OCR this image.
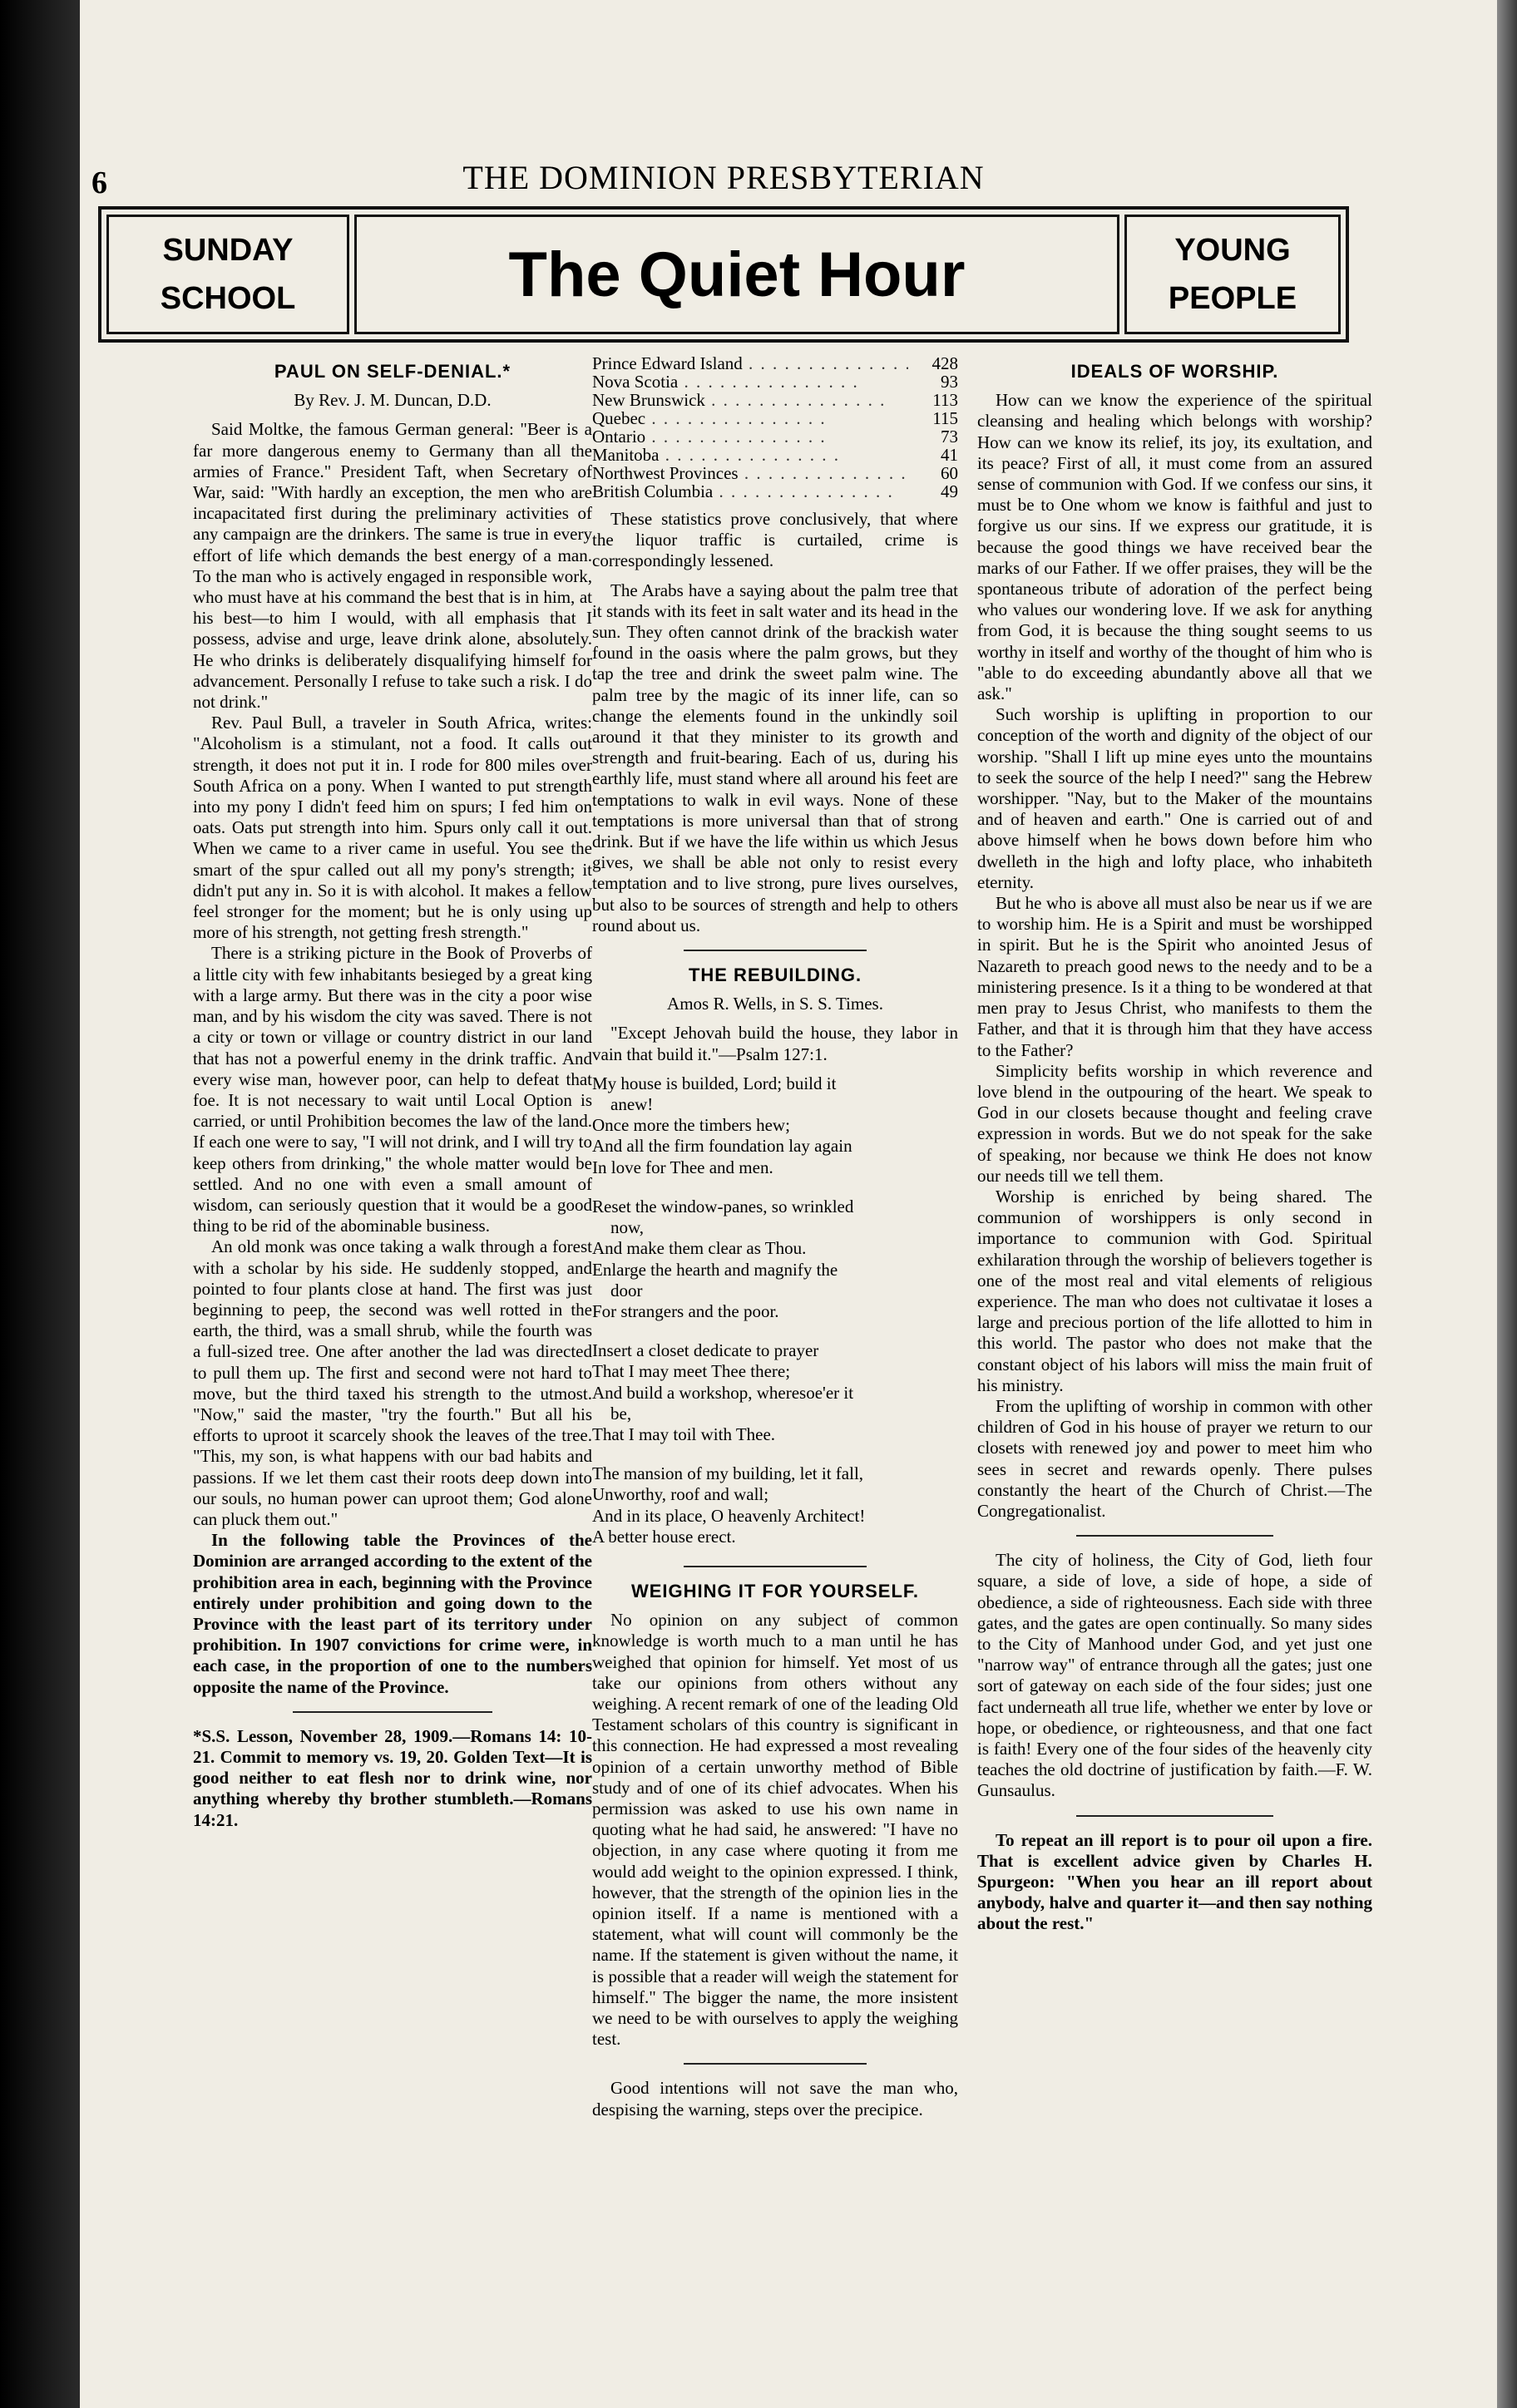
6	THE DOMINION PRESBYTERIAN
SUNDAY
SCHOOL	The Quiet Hour	YOUNG
PEOPLE
PAUL ON SELF-DENIAL.*
By Rev. J. M. Duncan, D.D.

Said Moltke, the famous German general: "Beer is a far more dangerous enemy to Germany than all the armies of France." President Taft, when Secretary of War, said: "With hardly an exception, the men who are incapacitated first during the preliminary activities of any campaign are the drinkers. The same is true in every effort of life which demands the best energy of a man. To the man who is actively engaged in responsible work, who must have at his command the best that is in him, at his best—to him I would, with all emphasis that I possess, advise and urge, leave drink alone, absolutely. He who drinks is deliberately disqualifying himself for advancement. Personally I refuse to take such a risk. I do not drink."

Rev. Paul Bull, a traveler in South Africa, writes: "Alcoholism is a stimulant, not a food. It calls out strength, it does not put it in. I rode for 800 miles over South Africa on a pony. When I wanted to put strength into my pony I didn't feed him on spurs; I fed him on oats. Oats put strength into him. Spurs only call it out. When we came to a river came in useful. You see the smart of the spur called out all my pony's strength; it didn't put any in. So it is with alcohol. It makes a fellow feel stronger for the moment; but he is only using up more of his strength, not getting fresh strength."

There is a striking picture in the Book of Proverbs of a little city with few inhabitants besieged by a great king with a large army. But there was in the city a poor wise man, and by his wisdom the city was saved. There is not a city or town or village or country district in our land that has not a powerful enemy in the drink traffic. And every wise man, however poor, can help to defeat that foe. It is not necessary to wait until Local Option is carried, or until Prohibition becomes the law of the land. If each one were to say, "I will not drink, and I will try to keep others from drinking," the whole matter would be settled. And no one with even a small amount of wisdom, can seriously question that it would be a good thing to be rid of the abominable business.

An old monk was once taking a walk through a forest with a scholar by his side. He suddenly stopped, and pointed to four plants close at hand. The first was just beginning to peep, the second was well rotted in the earth, the third, was a small shrub, while the fourth was a full-sized tree. One after another the lad was directed to pull them up. The first and second were not hard to move, but the third taxed his strength to the utmost. "Now," said the master, "try the fourth." But all his efforts to uproot it scarcely shook the leaves of the tree. "This, my son, is what happens with our bad habits and passions. If we let them cast their roots deep down into our souls, no human power can uproot them; God alone can pluck them out."

In the following table the Provinces of the Dominion are arranged according to the extent of the prohibition area in each, beginning with the Province entirely under prohibition and going down to the Province with the least part of its territory under prohibition. In 1907 convictions for crime were, in each case, in the proportion of one to the numbers opposite the name of the Province.

*S.S. Lesson, November 28, 1909.—Romans 14: 10-21. Commit to memory vs. 19, 20. Golden Text—It is good neither to eat flesh nor to drink wine, nor anything whereby thy brother stumbleth.—Romans 14:21.

Prince Edward Island . . .	428
Nova Scotia . . .	93
New Brunswick . . .	113
Quebec . . .	115
Ontario . . .	73
Manitoba . . .	41
Northwest Provinces . . .	60
British Columbia . . .	49

These statistics prove conclusively, that where the liquor traffic is curtailed, crime is correspondingly lessened.

The Arabs have a saying about the palm tree that it stands with its feet in salt water and its head in the sun. They often cannot drink of the brackish water found in the oasis where the palm grows, but they tap the tree and drink the sweet palm wine. The palm tree by the magic of its inner life, can so change the elements found in the unkindly soil around it that they minister to its growth and strength and fruit-bearing. Each of us, during his earthly life, must stand where all around his feet are temptations to walk in evil ways. None of these temptations is more universal than that of strong drink. But if we have the life within us which Jesus gives, we shall be able not only to resist every temptation and to live strong, pure lives ourselves, but also to be sources of strength and help to others round about us.

THE REBUILDING.
Amos R. Wells, in S. S. Times.

"Except Jehovah build the house, they labor in vain that build it."—Psalm 127:1.

My house is builded, Lord; build it

anew!

Once more the timbers hew;

And all the firm foundation lay again

In love for Thee and men.

Reset the window-panes, so wrinkled

now,

And make them clear as Thou.

Enlarge the hearth and magnify the

door

For strangers and the poor.

Insert a closet dedicate to prayer

That I may meet Thee there;

And build a workshop, wheresoe'er it

be,

That I may toil with Thee.

The mansion of my building, let it fall,

Unworthy, roof and wall;

And in its place, O heavenly Architect!

A better house erect.

WEIGHING IT FOR YOURSELF.

No opinion on any subject of common knowledge is worth much to a man until he has weighed that opinion for himself. Yet most of us take our opinions from others without any weighing. A recent remark of one of the leading Old Testament scholars of this country is significant in this connection. He had expressed a most revealing opinion of a certain unworthy method of Bible study and of one of its chief advocates. When his permission was asked to use his own name in quoting what he had said, he answered: "I have no objection, in any case where quoting it from me would add weight to the opinion expressed. I think, however, that the strength of the opinion lies in the opinion itself. If a name is mentioned with a statement, what will count will commonly be the name. If the statement is given without the name, it is possible that a reader will weigh the statement for himself." The bigger the name, the more insistent we need to be with ourselves to apply the weighing test.

Good intentions will not save the man who, despising the warning, steps over the precipice.

IDEALS OF WORSHIP.

How can we know the experience of the spiritual cleansing and healing which belongs with worship? How can we know its relief, its joy, its exultation, and its peace? First of all, it must come from an assured sense of communion with God. If we confess our sins, it must be to One whom we know is faithful and just to forgive us our sins. If we express our gratitude, it is because the good things we have received bear the marks of our Father. If we offer praises, they will be the spontaneous tribute of adoration of the perfect being who values our wondering love. If we ask for anything from God, it is because the thing sought seems to us worthy in itself and worthy of the thought of him who is "able to do exceeding abundantly above all that we ask."

Such worship is uplifting in proportion to our conception of the worth and dignity of the object of our worship. "Shall I lift up mine eyes unto the mountains to seek the source of the help I need?" sang the Hebrew worshipper. "Nay, but to the Maker of the mountains and of heaven and earth." One is carried out of and above himself when he bows down before him who dwelleth in the high and lofty place, who inhabiteth eternity.

But he who is above all must also be near us if we are to worship him. He is a Spirit and must be worshipped in spirit. But he is the Spirit who anointed Jesus of Nazareth to preach good news to the needy and to be a ministering presence. Is it a thing to be wondered at that men pray to Jesus Christ, who manifests to them the Father, and that it is through him that they have access to the Father?

Simplicity befits worship in which reverence and love blend in the outpouring of the heart. We speak to God in our closets because thought and feeling crave expression in words. But we do not speak for the sake of speaking, nor because we think He does not know our needs till we tell them.

Worship is enriched by being shared. The communion of worshippers is only second in importance to communion with God. Spiritual exhilaration through the worship of believers together is one of the most real and vital elements of religious experience. The man who does not cultivatae it loses a large and precious portion of the life allotted to him in this world. The pastor who does not make that the constant object of his labors will miss the main fruit of his ministry.

From the uplifting of worship in common with other children of God in his house of prayer we return to our closets with renewed joy and power to meet him who sees in secret and rewards openly. There pulses constantly the heart of the Church of Christ.—The Congregationalist.

The city of holiness, the City of God, lieth four square, a side of love, a side of hope, a side of obedience, a side of righteousness. Each side with three gates, and the gates are open continually. So many sides to the City of Manhood under God, and yet just one "narrow way" of entrance through all the gates; just one sort of gateway on each side of the four sides; just one fact underneath all true life, whether we enter by love or hope, or obedience, or righteousness, and that one fact is faith! Every one of the four sides of the heavenly city teaches the old doctrine of justification by faith.—F. W. Gunsaulus.

To repeat an ill report is to pour oil upon a fire. That is excellent advice given by Charles H. Spurgeon: "When you hear an ill report about anybody, halve and quarter it—and then say nothing about the rest."
